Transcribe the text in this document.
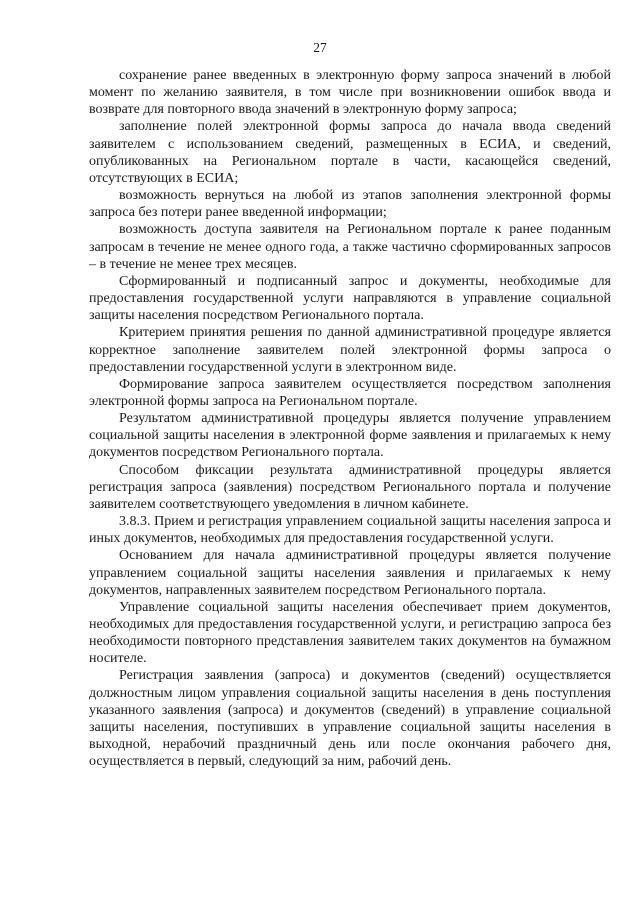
27

сохранение ранее введенных в электронную форму запроса значений в любой момент по желанию заявителя, в том числе при возникновении ошибок ввода и возврате для повторного ввода значений в электронную форму запроса;

заполнение полей электронной формы запроса до начала ввода сведений заявителем с использованием сведений, размещенных в ЕСИА, и сведений, опубликованных на Региональном портале в части, касающейся сведений, отсутствующих в ЕСИА;

возможность вернуться на любой из этапов заполнения электронной формы запроса без потери ранее введенной информации;

возможность доступа заявителя на Региональном портале к ранее поданным запросам в течение не менее одного года, а также частично сформированных запросов – в течение не менее трех месяцев.

Сформированный и подписанный запрос и документы, необходимые для предоставления государственной услуги направляются в управление социальной защиты населения посредством Регионального портала.

Критерием принятия решения по данной административной процедуре является корректное заполнение заявителем полей электронной формы запроса о предоставлении государственной услуги в электронном виде.

Формирование запроса заявителем осуществляется посредством заполнения электронной формы запроса на Региональном портале.

Результатом административной процедуры является получение управлением социальной защиты населения в электронной форме заявления и прилагаемых к нему документов посредством Регионального портала.

Способом фиксации результата административной процедуры является регистрация запроса (заявления) посредством Регионального портала и получение заявителем соответствующего уведомления в личном кабинете.

3.8.3. Прием и регистрация управлением социальной защиты населения запроса и иных документов, необходимых для предоставления государственной услуги.

Основанием для начала административной процедуры является получение управлением социальной защиты населения заявления и прилагаемых к нему документов, направленных заявителем посредством Регионального портала.

Управление социальной защиты населения обеспечивает прием документов, необходимых для предоставления государственной услуги, и регистрацию запроса без необходимости повторного представления заявителем таких документов на бумажном носителе.

Регистрация заявления (запроса) и документов (сведений) осуществляется должностным лицом управления социальной защиты населения в день поступления указанного заявления (запроса) и документов (сведений) в управление социальной защиты населения, поступивших в управление социальной защиты населения в выходной, нерабочий праздничный день или после окончания рабочего дня, осуществляется в первый, следующий за ним, рабочий день.
